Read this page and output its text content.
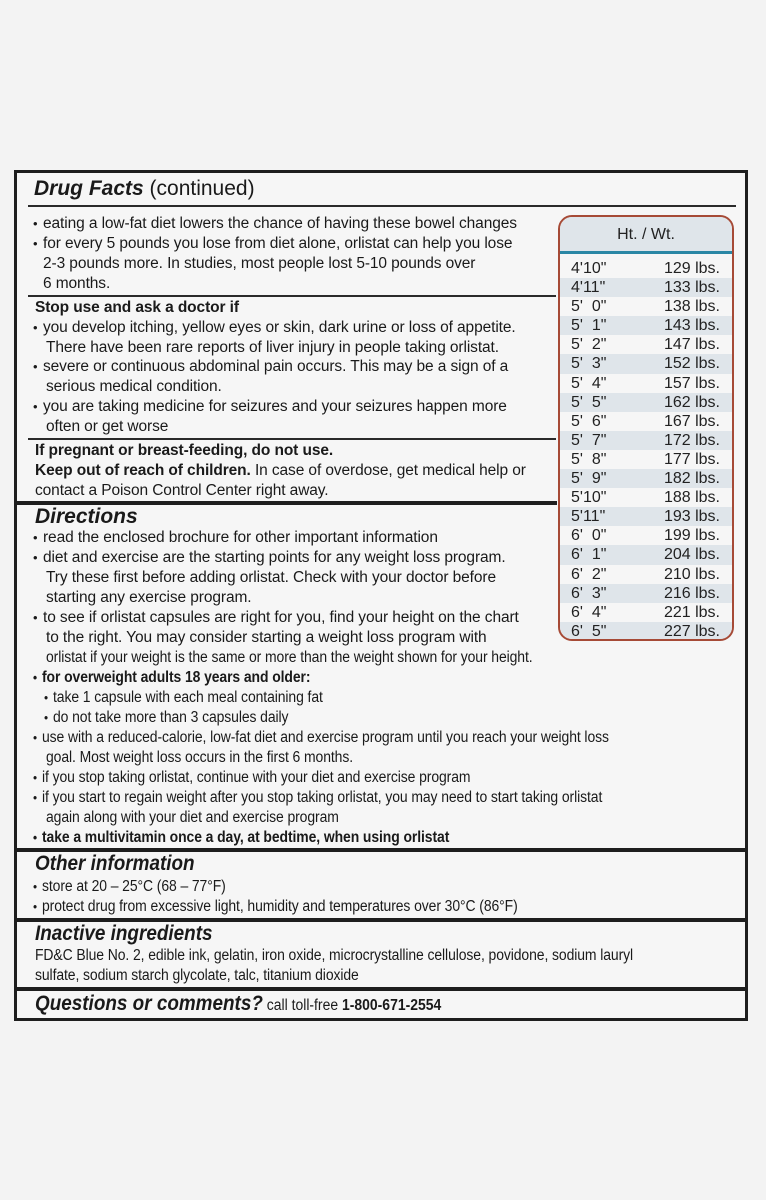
Drug Facts (continued)
• eating a low-fat diet lowers the chance of having these bowel changes
• for every 5 pounds you lose from diet alone, orlistat can help you lose
2-3 pounds more. In studies, most people lost 5-10 pounds over
6 months.
Stop use and ask a doctor if
• you develop itching, yellow eyes or skin, dark urine or loss of appetite.
There have been rare reports of liver injury in people taking orlistat.
• severe or continuous abdominal pain occurs. This may be a sign of a
serious medical condition.
• you are taking medicine for seizures and your seizures happen more
often or get worse
If pregnant or breast-feeding, do not use.
Keep out of reach of children. In case of overdose, get medical help or
contact a Poison Control Center right away.
Directions
• read the enclosed brochure for other important information
• diet and exercise are the starting points for any weight loss program.
Try these first before adding orlistat. Check with your doctor before
starting any exercise program.
• to see if orlistat capsules are right for you, find your height on the chart
to the right. You may consider starting a weight loss program with
orlistat if your weight is the same or more than the weight shown for your height.
• for overweight adults 18 years and older:
• take 1 capsule with each meal containing fat
• do not take more than 3 capsules daily
• use with a reduced-calorie, low-fat diet and exercise program until you reach your weight loss
goal. Most weight loss occurs in the first 6 months.
• if you stop taking orlistat, continue with your diet and exercise program
• if you start to regain weight after you stop taking orlistat, you may need to start taking orlistat
again along with your diet and exercise program
• take a multivitamin once a day, at bedtime, when using orlistat
Other information
• store at 20 – 25°C (68 – 77°F)
• protect drug from excessive light, humidity and temperatures over 30°C (86°F)
Inactive ingredients
FD&C Blue No. 2, edible ink, gelatin, iron oxide, microcrystalline cellulose, povidone, sodium lauryl
sulfate, sodium starch glycolate, talc, titanium dioxide
Questions or comments? call toll-free 1-800-671-2554
Ht. / Wt.
4'10"	129 lbs.
4'11"	133 lbs.
5'  0"	138 lbs.
5'  1"	143 lbs.
5'  2"	147 lbs.
5'  3"	152 lbs.
5'  4"	157 lbs.
5'  5"	162 lbs.
5'  6"	167 lbs.
5'  7"	172 lbs.
5'  8"	177 lbs.
5'  9"	182 lbs.
5'10"	188 lbs.
5'11"	193 lbs.
6'  0"	199 lbs.
6'  1"	204 lbs.
6'  2"	210 lbs.
6'  3"	216 lbs.
6'  4"	221 lbs.
6'  5"	227 lbs.
